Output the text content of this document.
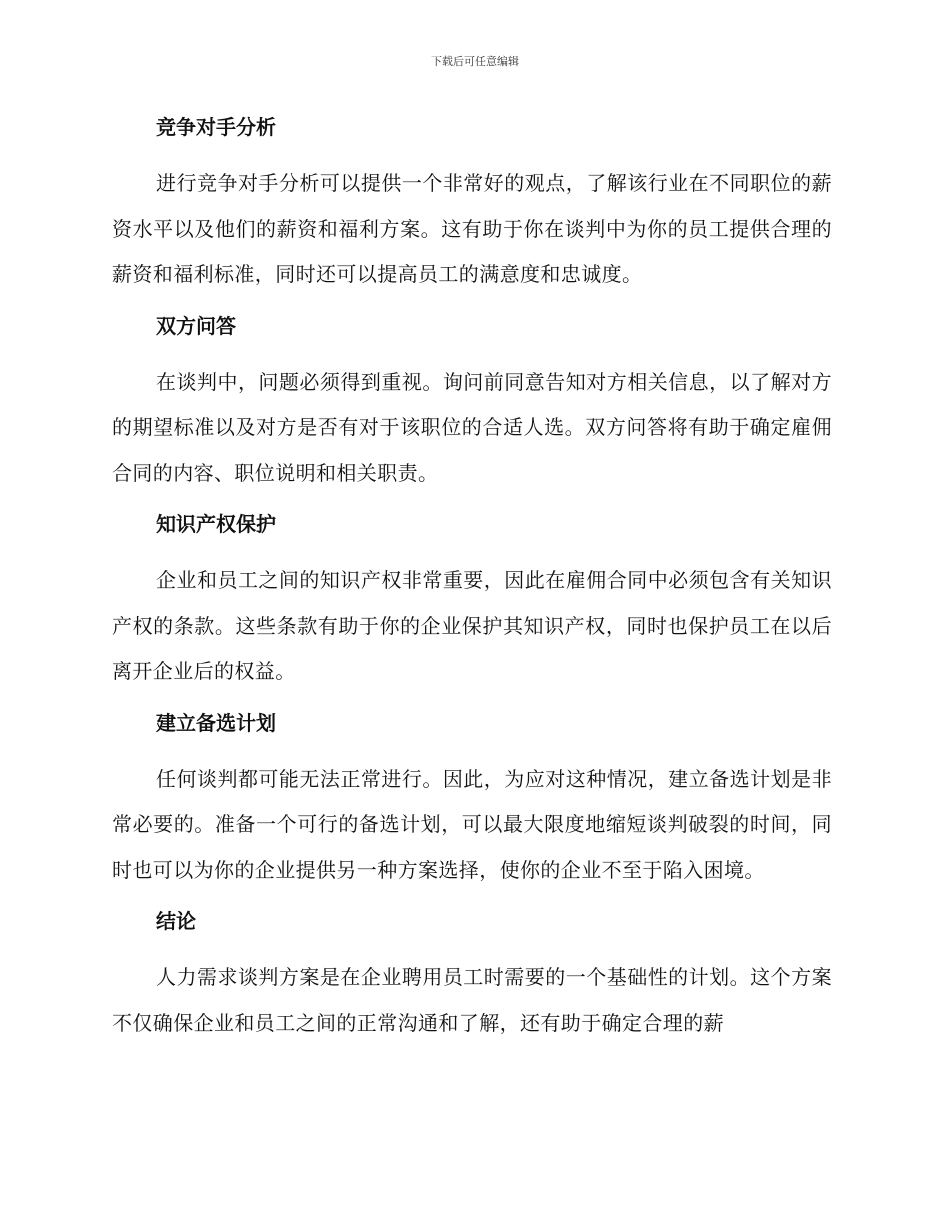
下载后可任意编辑
竞争对手分析

进行竞争对手分析可以提供一个非常好的观点，了解该行业在不同职位的薪资水平以及他们的薪资和福利方案。这有助于你在谈判中为你的员工提供合理的薪资和福利标准，同时还可以提高员工的满意度和忠诚度。

双方问答

在谈判中，问题必须得到重视。询问前同意告知对方相关信息，以了解对方的期望标准以及对方是否有对于该职位的合适人选。双方问答将有助于确定雇佣合同的内容、职位说明和相关职责。

知识产权保护

企业和员工之间的知识产权非常重要，因此在雇佣合同中必须包含有关知识产权的条款。这些条款有助于你的企业保护其知识产权，同时也保护员工在以后离开企业后的权益。

建立备选计划

任何谈判都可能无法正常进行。因此，为应对这种情况，建立备选计划是非常必要的。准备一个可行的备选计划，可以最大限度地缩短谈判破裂的时间，同时也可以为你的企业提供另一种方案选择，使你的企业不至于陷入困境。

结论

人力需求谈判方案是在企业聘用员工时需要的一个基础性的计划。这个方案不仅确保企业和员工之间的正常沟通和了解，还有助于确定合理的薪
